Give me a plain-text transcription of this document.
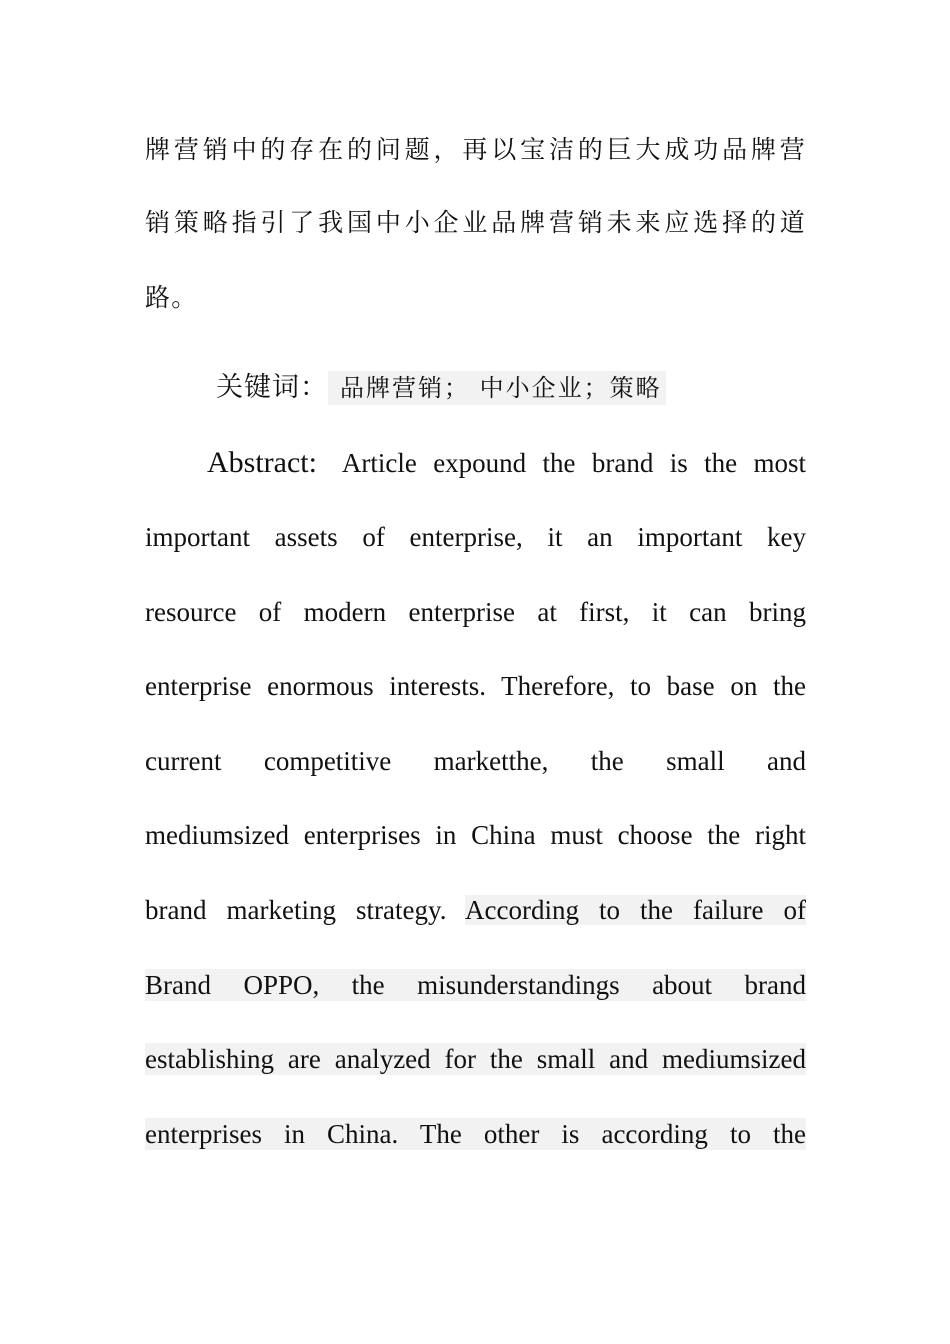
牌营销中的存在的问题，再以宝洁的巨大成功品牌营
销策略指引了我国中小企业品牌营销未来应选择的道
路。
关键词： 品牌营销； 中小企业；策略
Abstract: Article expound the brand is the most
important assets of enterprise, it an important key
resource of modern enterprise at first, it can bring
enterprise enormous interests. Therefore, to base on the
current competitive marketthe, the small and
mediumsized enterprises in China must choose the right
brand marketing strategy. According to the failure of
Brand OPPO, the misunderstandings about brand
establishing are analyzed for the small and mediumsized
enterprises in China. The other is according to the
